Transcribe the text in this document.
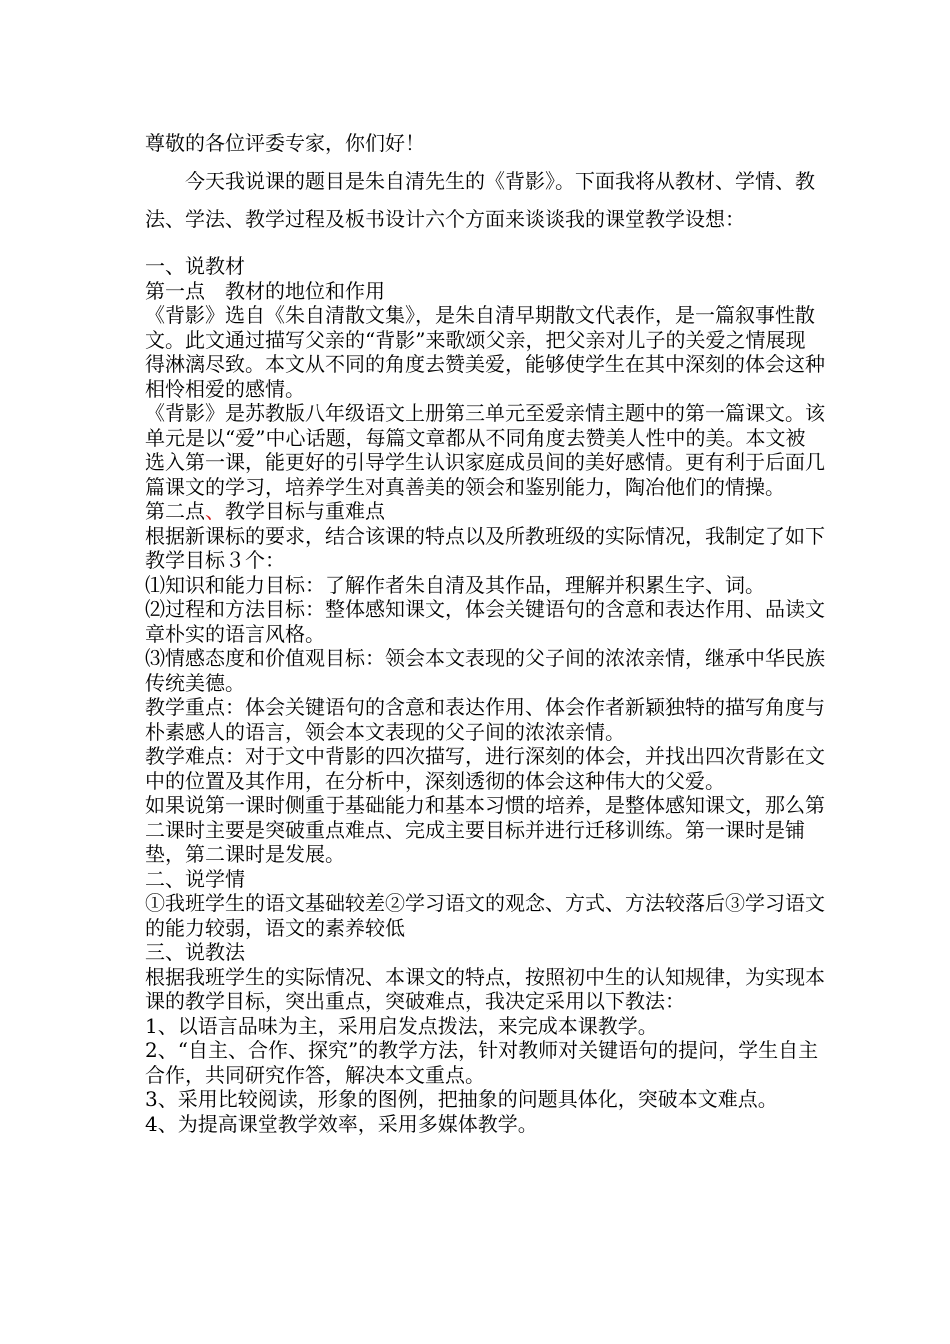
尊敬的各位评委专家，你们好！

今天我说课的题目是朱自清先生的《背影》。下面我将从教材、学情、教法、学法、教学过程及板书设计六个方面来谈谈我的课堂教学设想：

一、说教材

第一点　教材的地位和作用

《背影》选自《朱自清散文集》，是朱自清早期散文代表作，是一篇叙事性散文。此文通过描写父亲的“背影”来歌颂父亲，把父亲对儿子的关爱之情展现得淋漓尽致。本文从不同的角度去赞美爱，能够使学生在其中深刻的体会这种相怜相爱的感情。

《背影》是苏教版八年级语文上册第三单元至爱亲情主题中的第一篇课文。该单元是以“爱”中心话题，每篇文章都从不同角度去赞美人性中的美。本文被选入第一课，能更好的引导学生认识家庭成员间的美好感情。更有利于后面几篇课文的学习，培养学生对真善美的领会和鉴别能力，陶冶他们的情操。

第二点、教学目标与重难点

根据新课标的要求，结合该课的特点以及所教班级的实际情况，我制定了如下教学目标３个：

⑴知识和能力目标：了解作者朱自清及其作品，理解并积累生字、词。

⑵过程和方法目标：整体感知课文，体会关键语句的含意和表达作用、品读文章朴实的语言风格。

⑶情感态度和价值观目标：领会本文表现的父子间的浓浓亲情，继承中华民族传统美德。

教学重点：体会关键语句的含意和表达作用、体会作者新颖独特的描写角度与朴素感人的语言，领会本文表现的父子间的浓浓亲情。

教学难点：对于文中背影的四次描写，进行深刻的体会，并找出四次背影在文中的位置及其作用，在分析中，深刻透彻的体会这种伟大的父爱。

如果说第一课时侧重于基础能力和基本习惯的培养，是整体感知课文，那么第二课时主要是突破重点难点、完成主要目标并进行迁移训练。第一课时是铺垫，第二课时是发展。

二、说学情

①我班学生的语文基础较差②学习语文的观念、方式、方法较落后③学习语文的能力较弱，语文的素养较低

三、说教法

根据我班学生的实际情况、本课文的特点，按照初中生的认知规律，为实现本课的教学目标，突出重点，突破难点，我决定采用以下教法：

1、以语言品味为主，采用启发点拨法，来完成本课教学。

2、“自主、合作、探究”的教学方法，针对教师对关键语句的提问，学生自主合作，共同研究作答，解决本文重点。

3、采用比较阅读，形象的图例，把抽象的问题具体化，突破本文难点。

4、为提高课堂教学效率，采用多媒体教学。
